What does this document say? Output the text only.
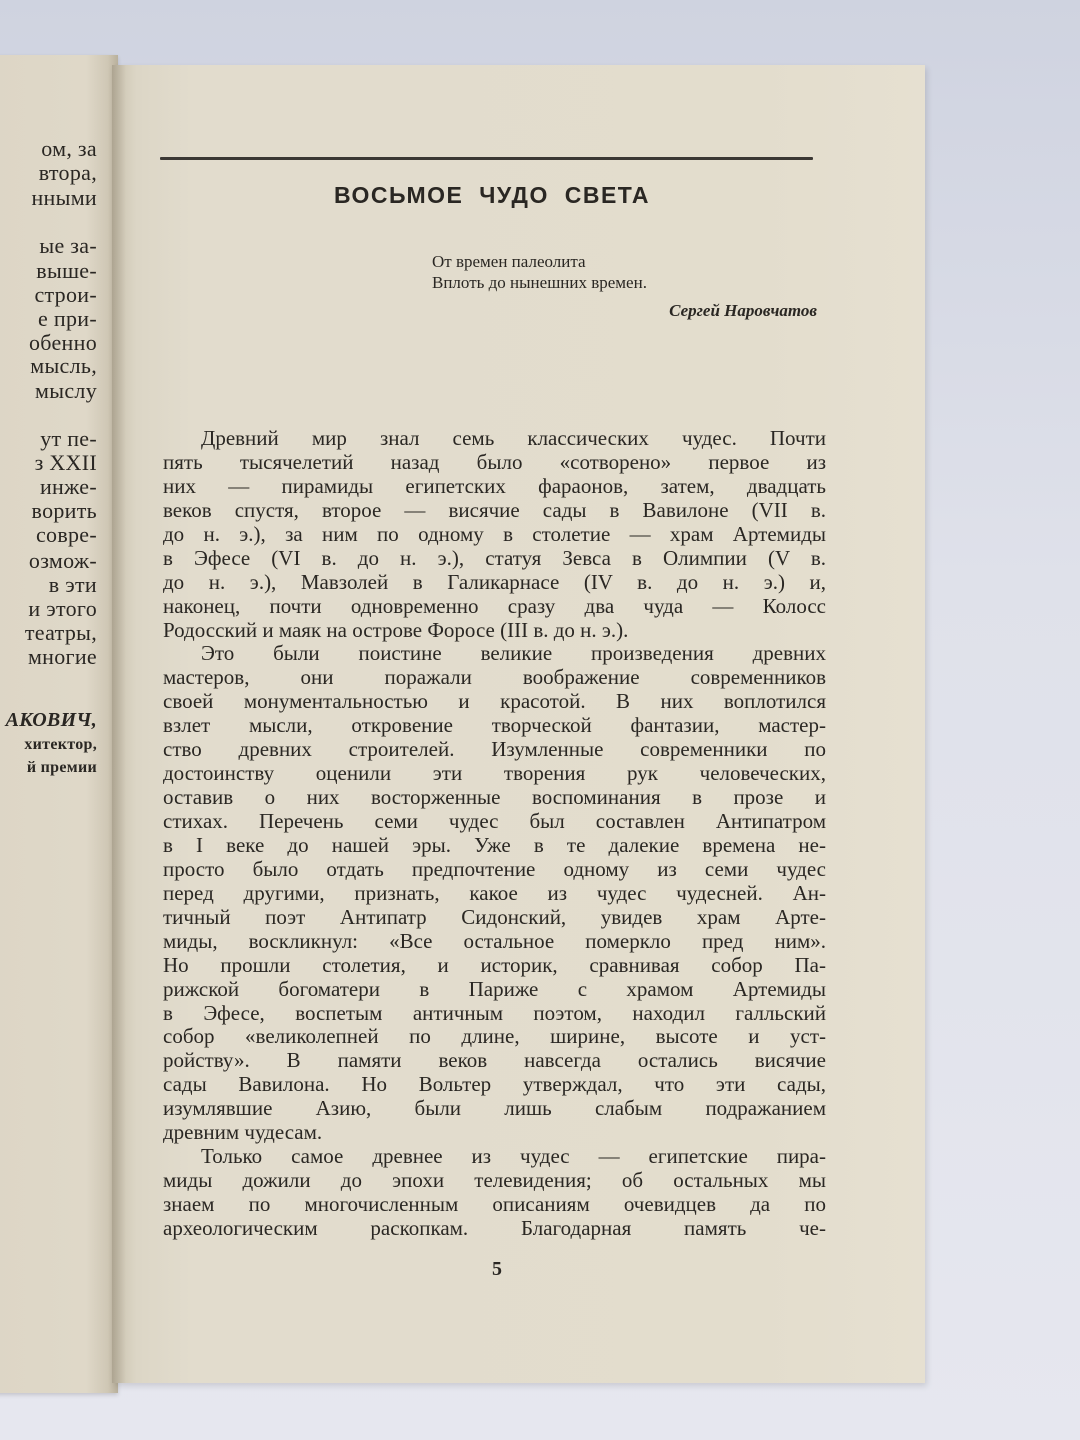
ом, за
втора,
нными
ые за-
выше-
строи-
е при-
обенно
мысль,
мыслу
ут пе-
з XXII
инже-
ворить
совре-
озмож-
в эти
и этого
театры,
многие
АКОВИЧ,
хитектор,
й премии
ВОСЬМОЕ ЧУДО СВЕТА
От времен палеолита
Вплоть до нынешних времен.
Сергей Наровчатов
Древний мир знал семь классических чудес. Почти
пять тысячелетий назад было «сотворено» первое из
них — пирамиды египетских фараонов, затем, двадцать
веков спустя, второе — висячие сады в Вавилоне (VII в.
до н. э.), за ним по одному в столетие — храм Артемиды
в Эфесе (VI в. до н. э.), статуя Зевса в Олимпии (V в.
до н. э.), Мавзолей в Галикарнасе (IV в. до н. э.) и,
наконец, почти одновременно сразу два чуда — Колосс
Родосский и маяк на острове Форосе (III в. до н. э.).
Это были поистине великие произведения древних
мастеров, они поражали воображение современников
своей монументальностью и красотой. В них воплотился
взлет мысли, откровение творческой фантазии, мастер-
ство древних строителей. Изумленные современники по
достоинству оценили эти творения рук человеческих,
оставив о них восторженные воспоминания в прозе и
стихах. Перечень семи чудес был составлен Антипатром
в I веке до нашей эры. Уже в те далекие времена не-
просто было отдать предпочтение одному из семи чудес
перед другими, признать, какое из чудес чудесней. Ан-
тичный поэт Антипатр Сидонский, увидев храм Арте-
миды, воскликнул: «Все остальное померкло пред ним».
Но прошли столетия, и историк, сравнивая собор Па-
рижской богоматери в Париже с храмом Артемиды
в Эфесе, воспетым античным поэтом, находил галльский
собор «великолепней по длине, ширине, высоте и уст-
ройству». В памяти веков навсегда остались висячие
сады Вавилона. Но Вольтер утверждал, что эти сады,
изумлявшие Азию, были лишь слабым подражанием
древним чудесам.
Только самое древнее из чудес — египетские пира-
миды дожили до эпохи телевидения; об остальных мы
знаем по многочисленным описаниям очевидцев да по
археологическим раскопкам. Благодарная память че-
5
